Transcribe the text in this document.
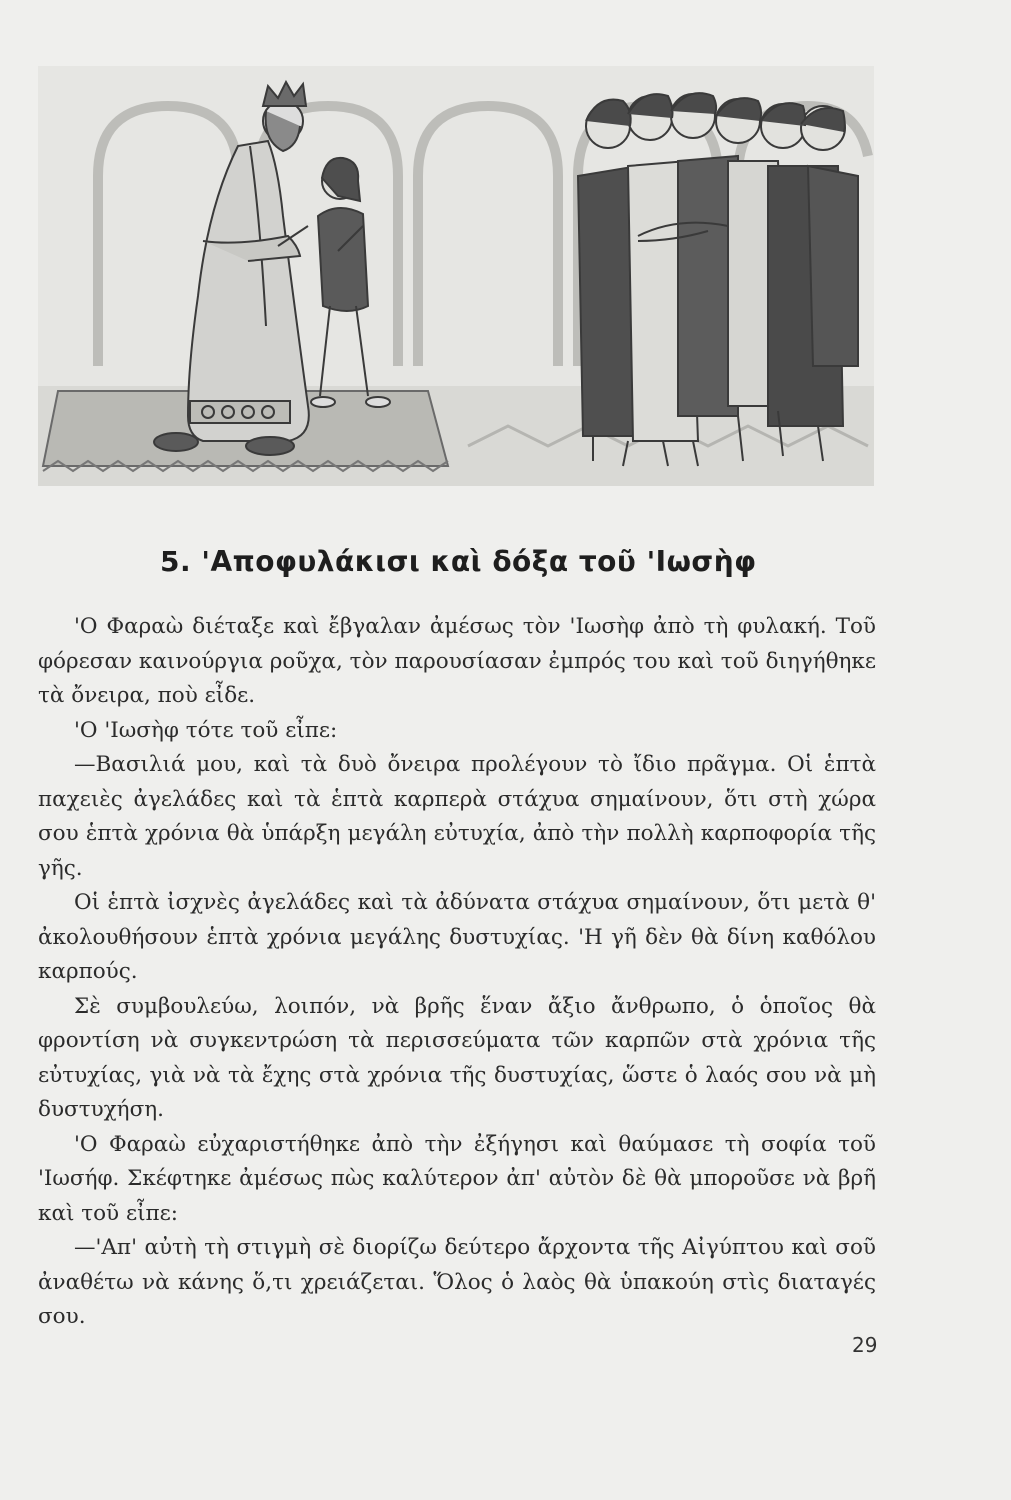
5. 'Αποφυλάκισι καὶ δόξα τοῦ 'Ιωσὴφ

'Ο Φαραὼ διέταξε καὶ ἔβγαλαν ἀμέσως τὸν 'Ιωσὴφ ἀπὸ τὴ φυλακή. Τοῦ φόρεσαν καινούργια ροῦχα, τὸν παρουσίασαν ἐμπρός του καὶ τοῦ διηγήθηκε τὰ ὄνειρα, ποὺ εἶδε.

'Ο 'Ιωσὴφ τότε τοῦ εἶπε:

—Βασιλιά μου, καὶ τὰ δυὸ ὄνειρα προλέγουν τὸ ἴδιο πρᾶγμα. Οἱ ἑπτὰ παχειὲς ἀγελάδες καὶ τὰ ἑπτὰ καρπερὰ στάχυα σημαίνουν, ὅτι στὴ χώρα σου ἑπτὰ χρόνια θὰ ὑπάρξη μεγάλη εὐτυχία, ἀπὸ τὴν πολλὴ καρποφορία τῆς γῆς.

Οἱ ἑπτὰ ἰσχνὲς ἀγελάδες καὶ τὰ ἀδύνατα στάχυα σημαίνουν, ὅτι μετὰ θ' ἀκολουθήσουν ἑπτὰ χρόνια μεγάλης δυστυχίας. 'Η γῆ δὲν θὰ δίνη καθόλου καρπούς.

Σὲ συμβουλεύω, λοιπόν, νὰ βρῆς ἕναν ἄξιο ἄνθρωπο, ὁ ὁποῖος θὰ φροντίση νὰ συγκεντρώση τὰ περισσεύματα τῶν καρπῶν στὰ χρόνια τῆς εὐτυχίας, γιὰ νὰ τὰ ἔχης στὰ χρόνια τῆς δυστυχίας, ὥστε ὁ λαός σου νὰ μὴ δυστυχήση.

'Ο Φαραὼ εὐχαριστήθηκε ἀπὸ τὴν ἐξήγησι καὶ θαύμασε τὴ σοφία τοῦ 'Ιωσήφ. Σκέφτηκε ἀμέσως πὼς καλύτερον ἀπ' αὐτὸν δὲ θὰ μποροῦσε νὰ βρῆ καὶ τοῦ εἶπε:

—'Απ' αὐτὴ τὴ στιγμὴ σὲ διορίζω δεύτερο ἄρχοντα τῆς Αἰγύπτου καὶ σοῦ ἀναθέτω νὰ κάνης ὅ,τι χρειάζεται. Ὅλος ὁ λαὸς θὰ ὑπακούη στὶς διαταγές σου.

29
